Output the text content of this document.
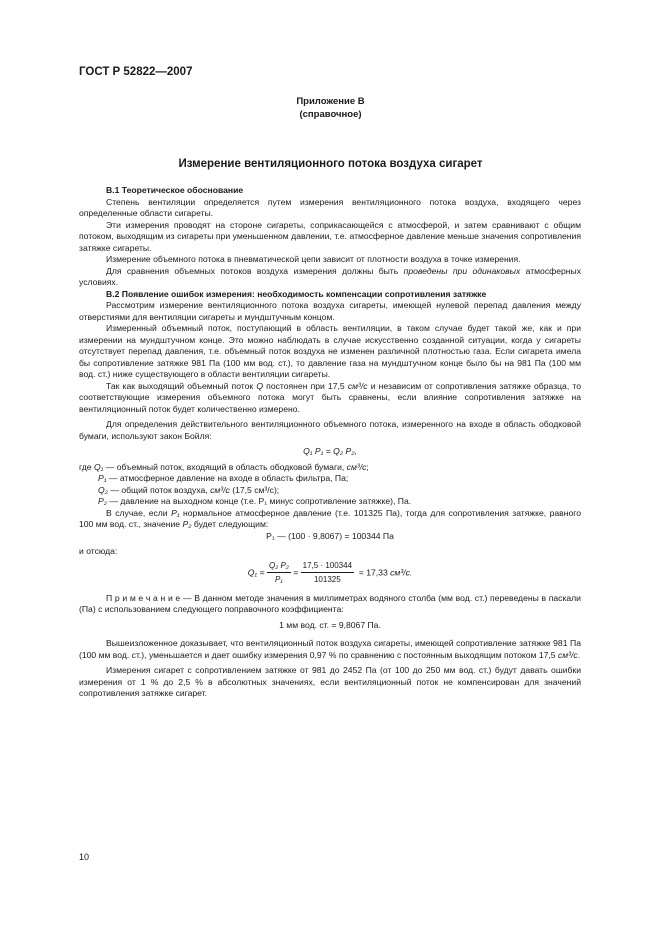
ГОСТ Р 52822—2007
Приложение В
(справочное)
Измерение вентиляционного потока воздуха сигарет

В.1 Теоретическое обоснование

Степень вентиляции определяется путем измерения вентиляционного потока воздуха, входящего через определенные области сигареты.

Эти измерения проводят на стороне сигареты, соприкасающейся с атмосферой, и затем сравнивают с общим потоком, выходящим из сигареты при уменьшенном давлении, т.е. атмосферное давление меньше значения сопротивления затяжке сигареты.

Измерение объемного потока в пневматической цепи зависит от плотности воздуха в точке измерения.

Для сравнения объемных потоков воздуха измерения должны быть проведены при одинаковых атмосферных условиях.

В.2 Появление ошибок измерения: необходимость компенсации сопротивления затяжке

Рассмотрим измерение вентиляционного потока воздуха сигареты, имеющей нулевой перепад давления между отверстиями для вентиляции сигареты и мундштучным концом.

Измеренный объемный поток, поступающий в область вентиляции, в таком случае будет такой же, как и при измерении на мундштучном конце. Это можно наблюдать в случае искусственно созданной ситуации, когда у сигареты отсутствует перепад давления, т.е. объемный поток воздуха не изменен различной плотностью газа. Если сигарета имела бы сопротивление затяжке 981 Па (100 мм вод. ст.), то давление газа на мундштучном конце было бы на 981 Па (100 мм вод. ст.) ниже существующего в области вентиляции сигареты.

Так как выходящий объемный поток Q постоянен при 17,5 см³/с и независим от сопротивления затяжке образца, то соответствующие измерения объемного потока могут быть сравнены, если влияние сопротивления затяжке на вентиляционный поток будет количественно измерено.

Для определения действительного вентиляционного объемного потока, измеренного на входе в область ободковой бумаги, используют закон Бойля:

Q₁ P₁ = Q₂ P₂,

где Q₁ — объемный поток, входящий в область ободковой бумаги, см³/с;

P₁ — атмосферное давление на входе в область фильтра, Па;

Q₂ — общий поток воздуха, см³/с (17,5 см³/с);

P₂ — давление на выходном конце (т.е. P₁ минус сопротивление затяжке), Па.

В случае, если P₁ нормальное атмосферное давление (т.е. 101325 Па), тогда для сопротивления затяжке, равного 100 мм вод. ст., значение P₂ будет следующим:

P₁ — (100 · 9,8067) = 100344 Па

и отсюда:

$Q_1 = \frac{\text{Q₂ P₂}}{\text{P₁}} = \frac{17,5 \cdot 100344}{101325} = 17,33$ см³/с.

П р и м е ч а н и е — В данном методе значения в миллиметрах водяного столба (мм вод. ст.) переведены в паскали (Па) с использованием следующего поправочного коэффициента:

1 мм вод. ст. = 9,8067 Па.

Вышеизложенное доказывает, что вентиляционный поток воздуха сигареты, имеющей сопротивление затяжке 981 Па (100 мм вод. ст.), уменьшается и дает ошибку измерения 0,97 % по сравнению с постоянным выходящим потоком 17,5 см³/с.

Измерения сигарет с сопротивлением затяжке от 981 до 2452 Па (от 100 до 250 мм вод. ст.) будут давать ошибки измерения от 1 % до 2,5 % в абсолютных значениях, если вентиляционный поток не компенсирован для значений сопротивления затяжке сигарет.

10
